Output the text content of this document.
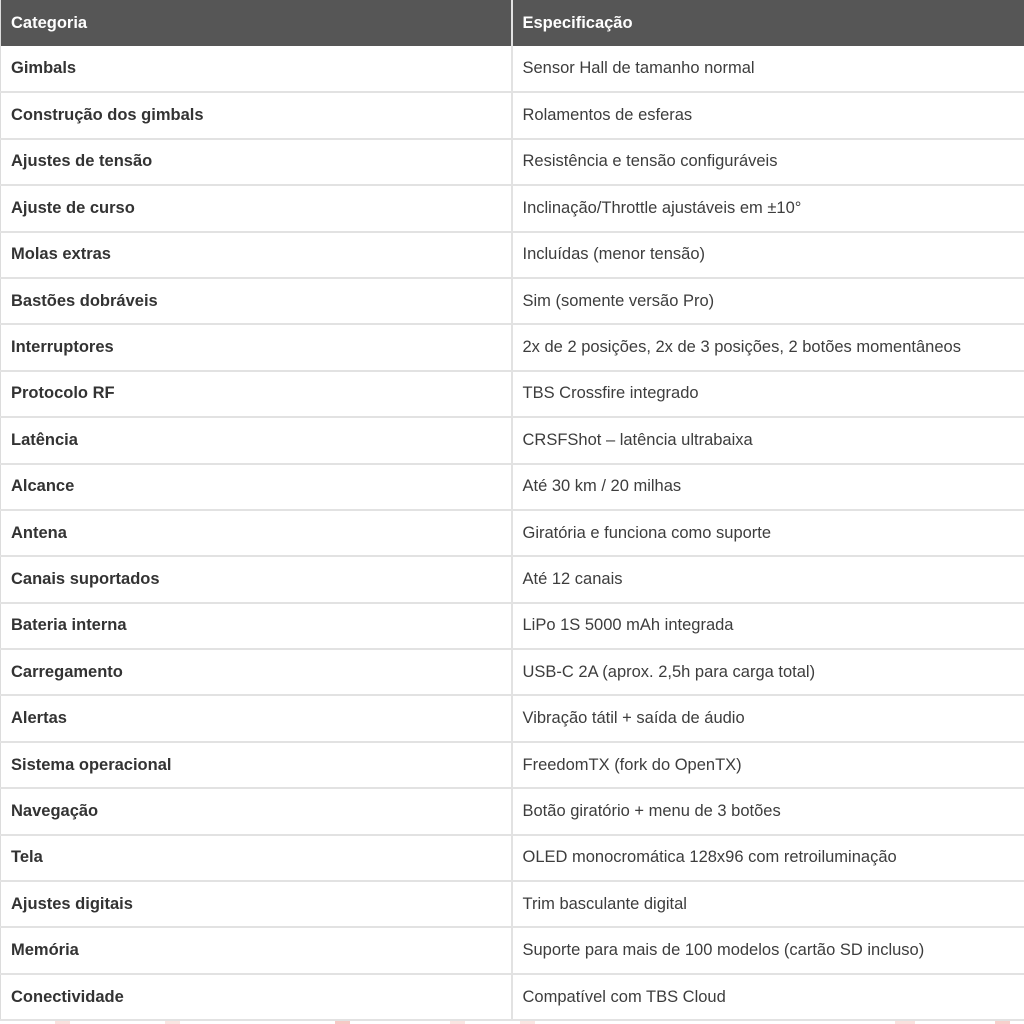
Categoria	Especificação
Gimbals	Sensor Hall de tamanho normal
Construção dos gimbals	Rolamentos de esferas
Ajustes de tensão	Resistência e tensão configuráveis
Ajuste de curso	Inclinação/Throttle ajustáveis em ±10°
Molas extras	Incluídas (menor tensão)
Bastões dobráveis	Sim (somente versão Pro)
Interruptores	2x de 2 posições, 2x de 3 posições, 2 botões momentâneos
Protocolo RF	TBS Crossfire integrado
Latência	CRSFShot – latência ultrabaixa
Alcance	Até 30 km / 20 milhas
Antena	Giratória e funciona como suporte
Canais suportados	Até 12 canais
Bateria interna	LiPo 1S 5000 mAh integrada
Carregamento	USB-C 2A (aprox. 2,5h para carga total)
Alertas	Vibração tátil + saída de áudio
Sistema operacional	FreedomTX (fork do OpenTX)
Navegação	Botão giratório + menu de 3 botões
Tela	OLED monocromática 128x96 com retroiluminação
Ajustes digitais	Trim basculante digital
Memória	Suporte para mais de 100 modelos (cartão SD incluso)
Conectividade	Compatível com TBS Cloud
